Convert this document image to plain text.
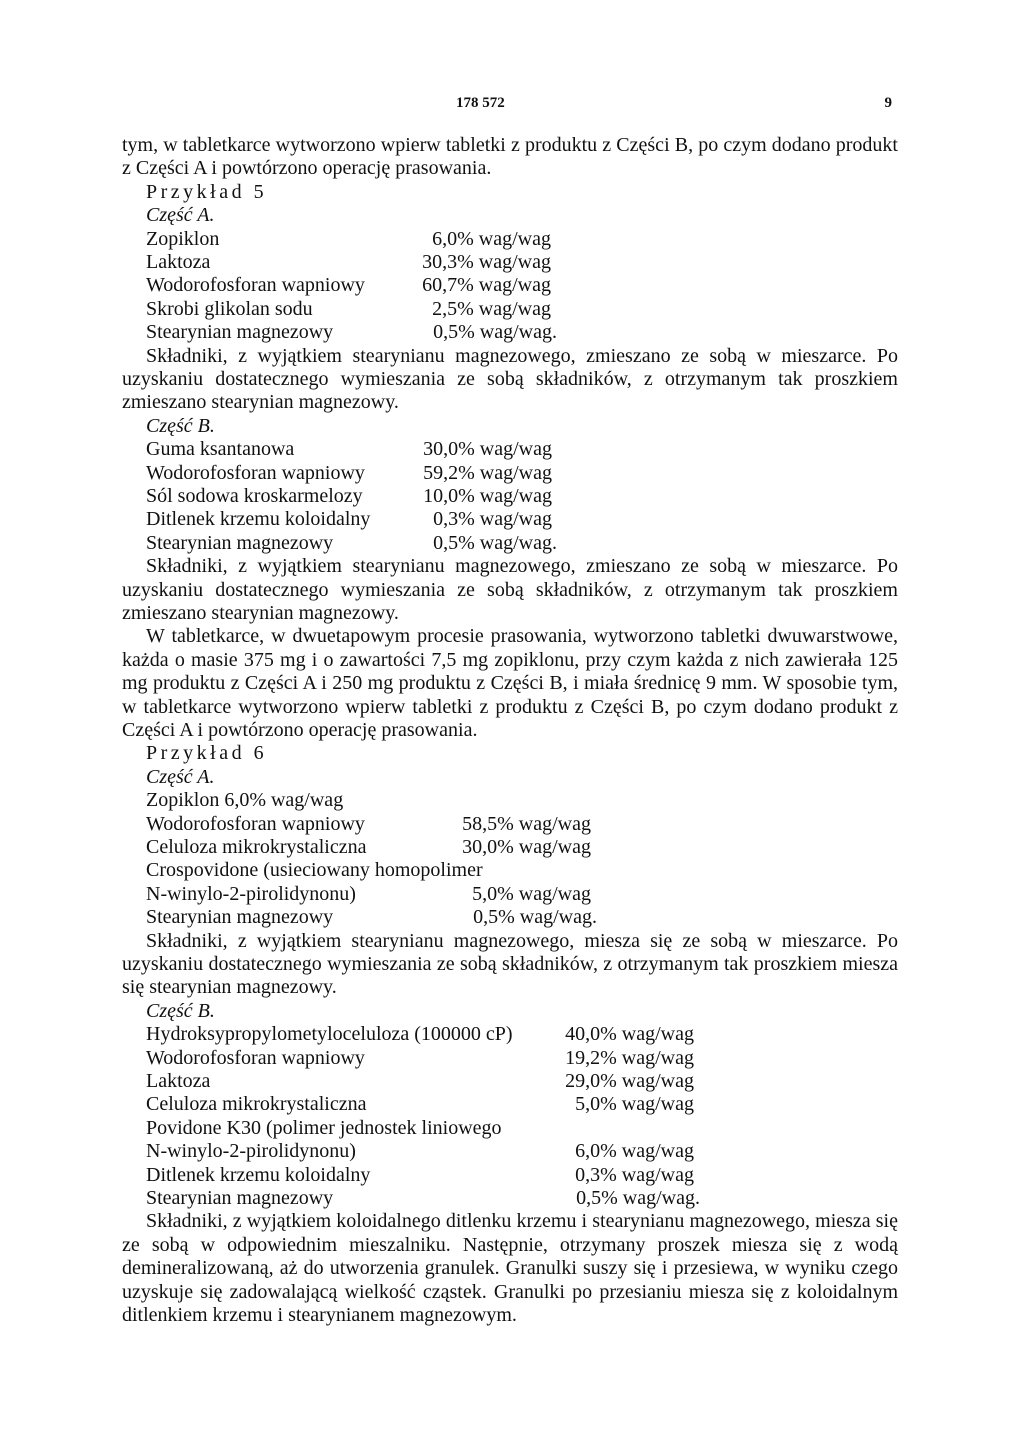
178 572	9

tym, w tabletkarce wytworzono wpierw tabletki z produktu z Części B, po czym dodano produkt z Części A i powtórzono operację prasowania.

Przykład 5
Część A.
Zopiklon	6,0% wag/wag
Laktoza	30,3% wag/wag
Wodorofosforan wapniowy	60,7% wag/wag
Skrobi glikolan sodu	2,5% wag/wag
Stearynian magnezowy	0,5% wag/wag.

Składniki, z wyjątkiem stearynianu magnezowego, zmieszano ze sobą w mieszarce. Po uzyskaniu dostatecznego wymieszania ze sobą składników, z otrzymanym tak proszkiem zmieszano stearynian magnezowy.

Część B.
Guma ksantanowa	30,0% wag/wag
Wodorofosforan wapniowy	59,2% wag/wag
Sól sodowa kroskarmelozy	10,0% wag/wag
Ditlenek krzemu koloidalny	0,3% wag/wag
Stearynian magnezowy	0,5% wag/wag.

Składniki, z wyjątkiem stearynianu magnezowego, zmieszano ze sobą w mieszarce. Po uzyskaniu dostatecznego wymieszania ze sobą składników, z otrzymanym tak proszkiem zmieszano stearynian magnezowy.

W tabletkarce, w dwuetapowym procesie prasowania, wytworzono tabletki dwuwarstwowe, każda o masie 375 mg i o zawartości 7,5 mg zopiklonu, przy czym każda z nich zawierała 125 mg produktu z Części A i 250 mg produktu z Części B, i miała średnicę 9 mm. W sposobie tym, w tabletkarce wytworzono wpierw tabletki z produktu z Części B, po czym dodano produkt z Części A i powtórzono operację prasowania.

Przykład 6
Część A.
Zopiklon 6,0% wag/wag
Wodorofosforan wapniowy	58,5% wag/wag
Celuloza mikrokrystaliczna	30,0% wag/wag
Crospovidone (usieciowany homopolimer
N-winylo-2-pirolidynonu)	5,0% wag/wag
Stearynian magnezowy	0,5% wag/wag.

Składniki, z wyjątkiem stearynianu magnezowego, miesza się ze sobą w mieszarce. Po uzyskaniu dostatecznego wymieszania ze sobą składników, z otrzymanym tak proszkiem miesza się stearynian magnezowy.

Część B.
Hydroksypropylometyloceluloza (100000 cP)	40,0% wag/wag
Wodorofosforan wapniowy	19,2% wag/wag
Laktoza	29,0% wag/wag
Celuloza mikrokrystaliczna	5,0% wag/wag
Povidone K30 (polimer jednostek liniowego
N-winylo-2-pirolidynonu)	6,0% wag/wag
Ditlenek krzemu koloidalny	0,3% wag/wag
Stearynian magnezowy	0,5% wag/wag.

Składniki, z wyjątkiem koloidalnego ditlenku krzemu i stearynianu magnezowego, miesza się ze sobą w odpowiednim mieszalniku. Następnie, otrzymany proszek miesza się z wodą demineralizowaną, aż do utworzenia granulek. Granulki suszy się i przesiewa, w wyniku czego uzyskuje się zadowalającą wielkość cząstek. Granulki po przesianiu miesza się z koloidalnym ditlenkiem krzemu i stearynianem magnezowym.
